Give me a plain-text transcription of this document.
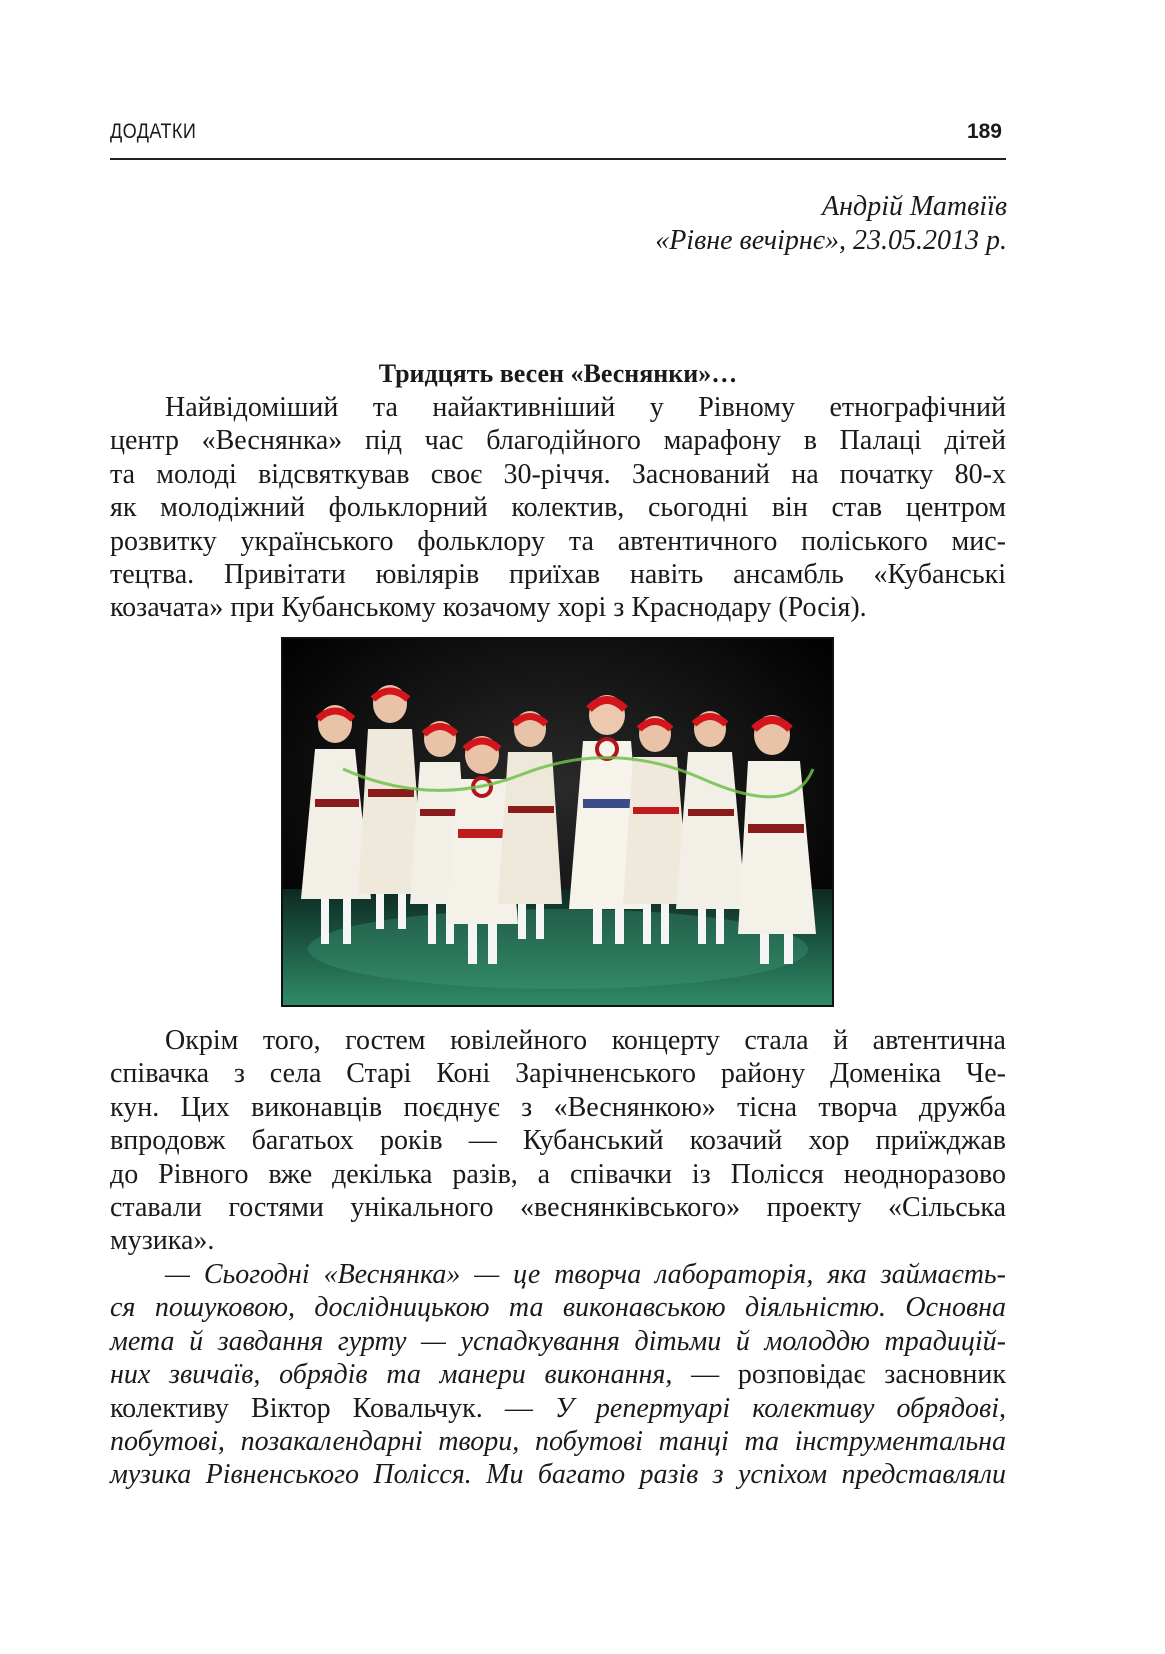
ДОДАТКИ	189
Андрій Матвіїв
«Рівне вечірнє», 23.05.2013 р.
Тридцять весен «Веснянки»…
Найвідоміший та найактивніший у Рівному етнографічний
центр «Веснянка» під час благодійного марафону в Палаці дітей
та молоді відсвяткував своє 30-річчя. Заснований на початку 80-х
як молодіжний фольклорний колектив, сьогодні він став центром
розвитку українського фольклору та автентичного поліського мис-
тецтва. Привітати ювілярів приїхав навіть ансамбль «Кубанські
козачата» при Кубанському козачому хорі з Краснодару (Росія).
Окрім того, гостем ювілейного концерту стала й автентична
співачка з села Старі Коні Зарічненського району Доменіка Че-
кун. Цих виконавців поєднує з «Веснянкою» тісна творча дружба
впродовж багатьох років — Кубанський козачий хор приїжджав
до Рівного вже декілька разів, а співачки із Полісся неодноразово
ставали гостями унікального «веснянківського» проекту «Сільська
музика».
— Сьогодні «Веснянка» — це творча лабораторія, яка займаєть-
ся пошуковою, дослідницькою та виконавською діяльністю. Основна
мета й завдання гурту — успадкування дітьми й молоддю традицій-
них звичаїв, обрядів та манери виконання, — розповідає засновник
колективу Віктор Ковальчук. — У репертуарі колективу обрядові,
побутові, позакалендарні твори, побутові танці та інструментальна
музика Рівненського Полісся. Ми багато разів з успіхом представляли
